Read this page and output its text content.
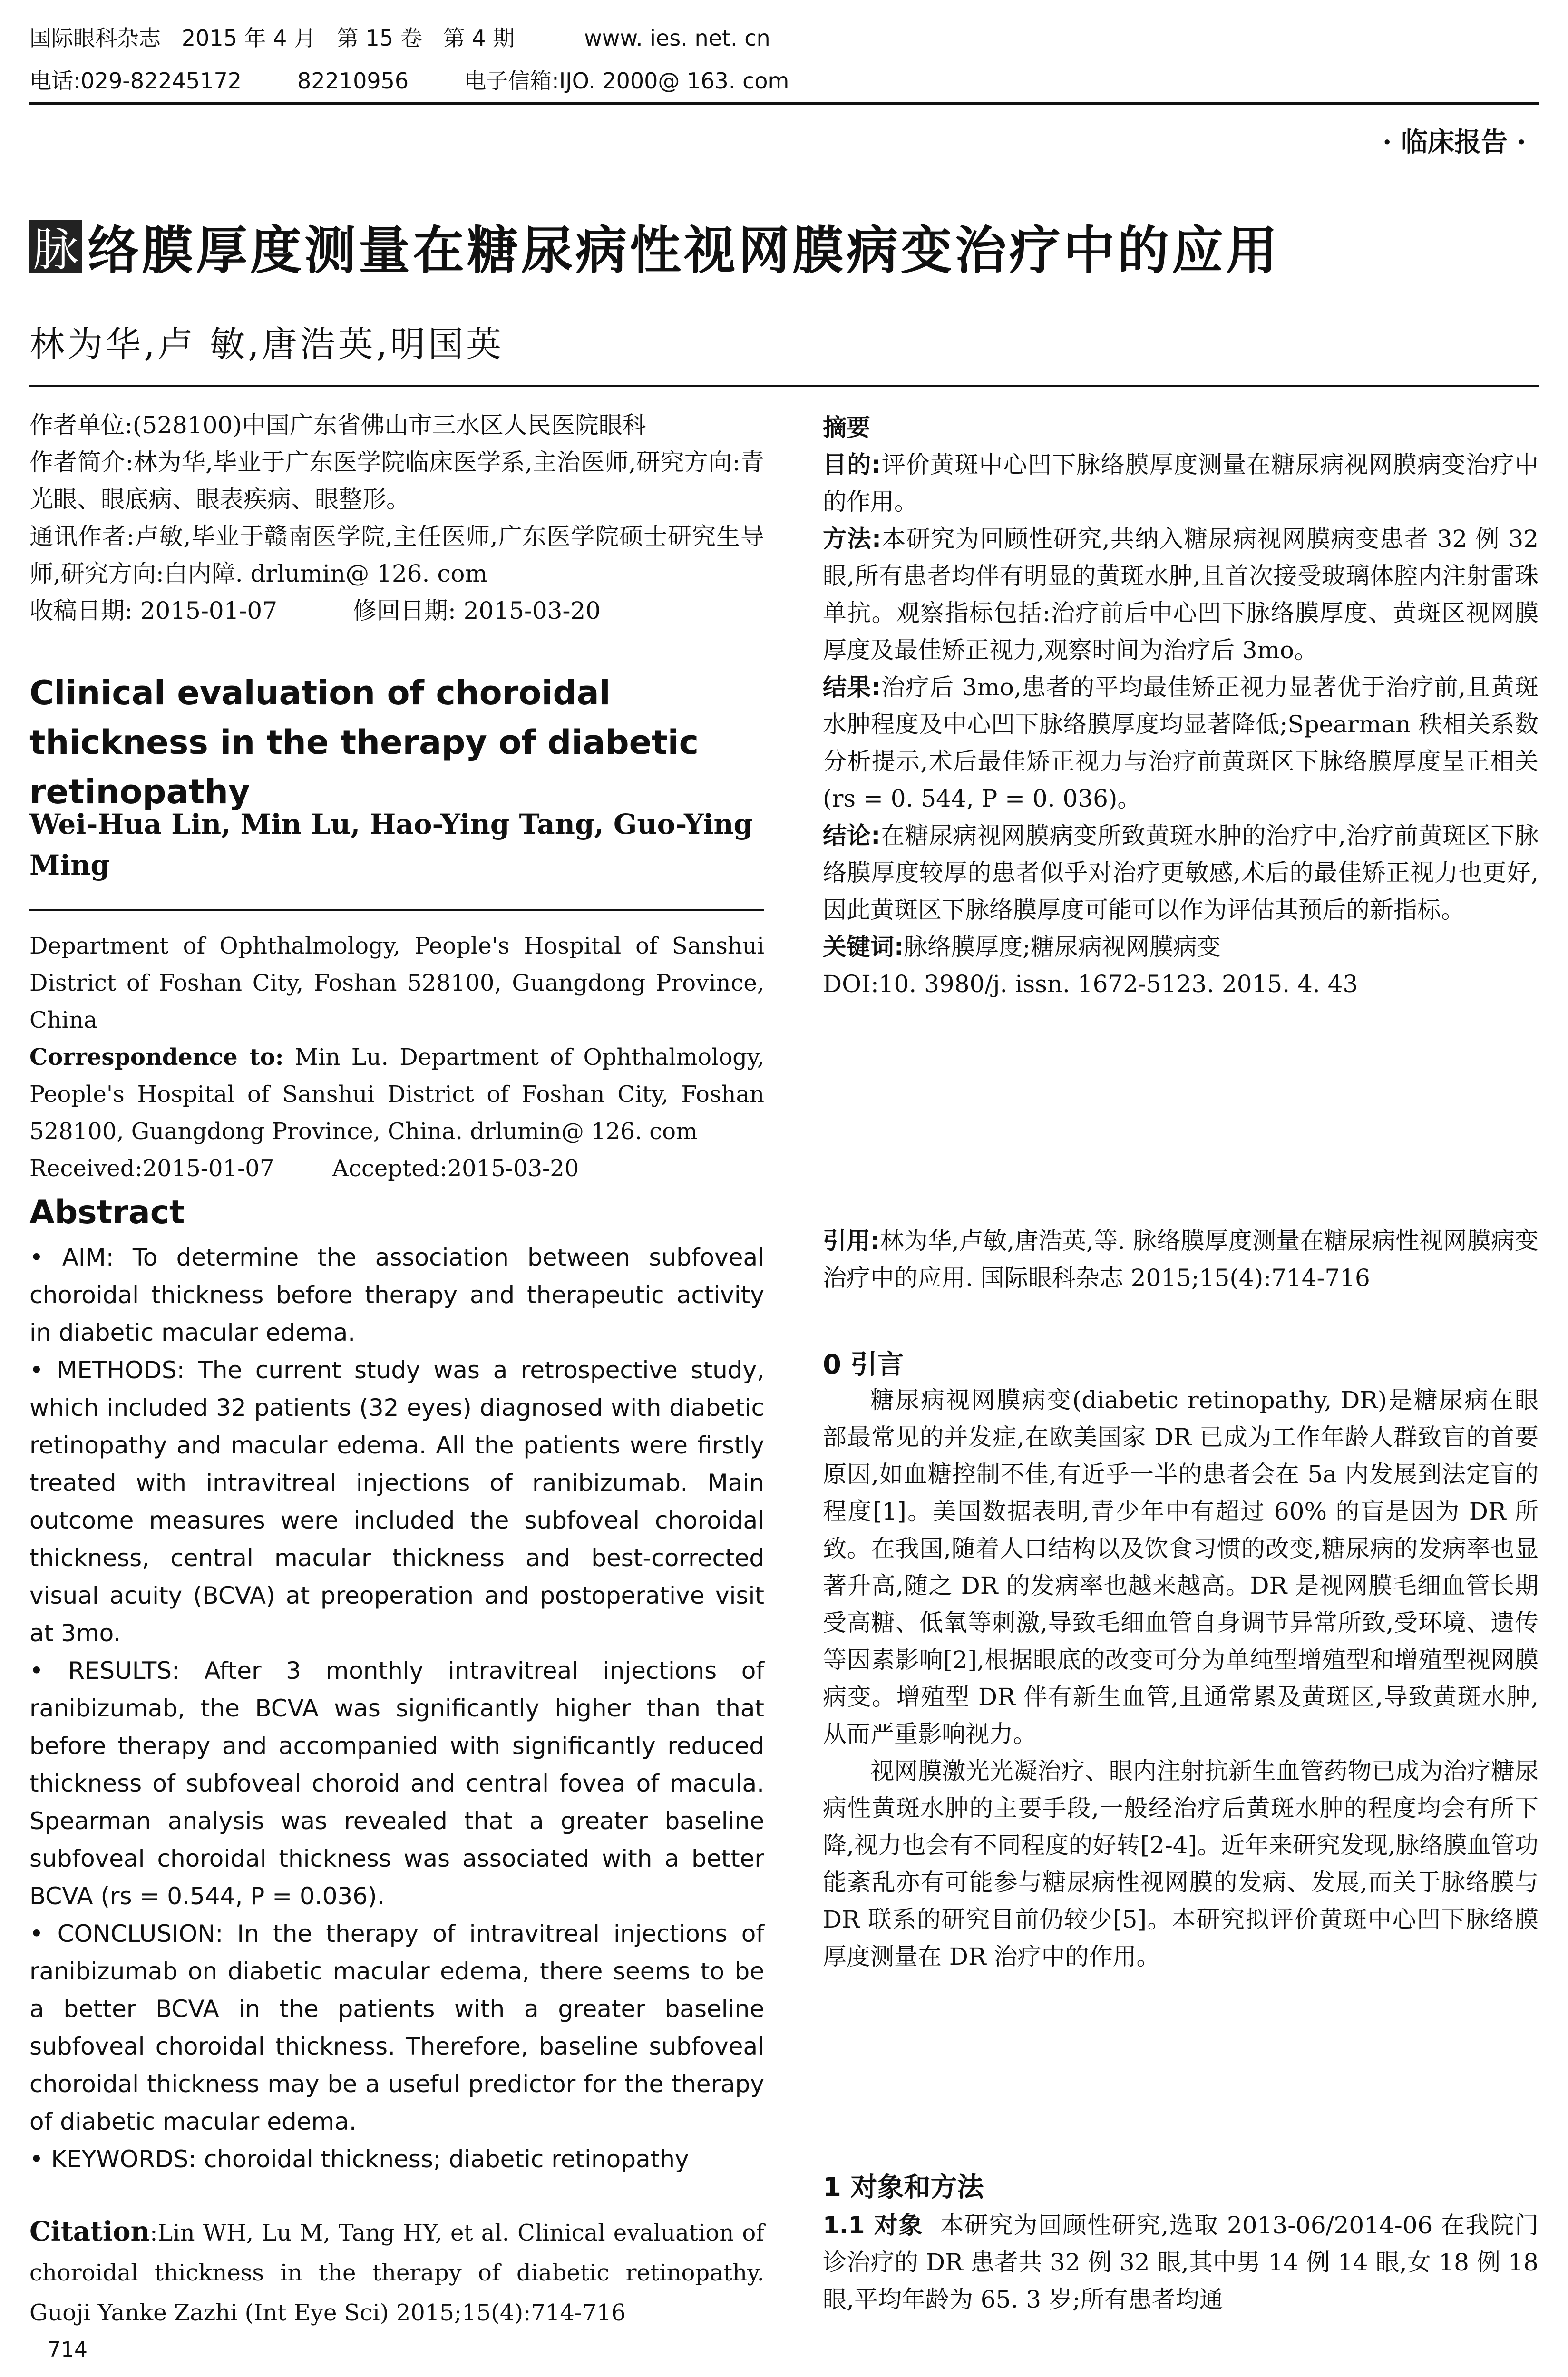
国际眼科杂志   2015 年 4 月   第 15 卷   第 4 期          www. ies. net. cn
电话:029-82245172        82210956        电子信箱:IJO. 2000@ 163. com
· 临床报告 ·
脉 络膜厚度测量在糖尿病性视网膜病变治疗中的应用
林为华,卢 敏,唐浩英,明国英

作者单位:(528100)中国广东省佛山市三水区人民医院眼科

作者简介:林为华,毕业于广东医学院临床医学系,主治医师,研究方向:青光眼、眼底病、眼表疾病、眼整形。

通讯作者:卢敏,毕业于赣南医学院,主任医师,广东医学院硕士研究生导师,研究方向:白内障. drlumin@ 126. com

收稿日期: 2015-01-07          修回日期: 2015-03-20

Clinical evaluation of choroidal thickness in the therapy of diabetic retinopathy
Wei-Hua Lin, Min Lu, Hao-Ying Tang, Guo-Ying Ming
Department of Ophthalmology, People's Hospital of Sanshui District of Foshan City, Foshan 528100, Guangdong Province, China
Correspondence to: Min Lu. Department of Ophthalmology, People's Hospital of Sanshui District of Foshan City, Foshan 528100, Guangdong Province, China. drlumin@ 126. com
Received:2015-01-07        Accepted:2015-03-20
Abstract

• AIM: To determine the association between subfoveal choroidal thickness before therapy and therapeutic activity in diabetic macular edema.

• METHODS: The current study was a retrospective study, which included 32 patients (32 eyes) diagnosed with diabetic retinopathy and macular edema. All the patients were firstly treated with intravitreal injections of ranibizumab. Main outcome measures were included the subfoveal choroidal thickness, central macular thickness and best-corrected visual acuity (BCVA) at preoperation and postoperative visit at 3mo.

• RESULTS: After 3 monthly intravitreal injections of ranibizumab, the BCVA was significantly higher than that before therapy and accompanied with significantly reduced thickness of subfoveal choroid and central fovea of macula. Spearman analysis was revealed that a greater baseline subfoveal choroidal thickness was associated with a better BCVA (rs = 0.544, P = 0.036).

• CONCLUSION: In the therapy of intravitreal injections of ranibizumab on diabetic macular edema, there seems to be a better BCVA in the patients with a greater baseline subfoveal choroidal thickness. Therefore, baseline subfoveal choroidal thickness may be a useful predictor for the therapy of diabetic macular edema.

• KEYWORDS: choroidal thickness; diabetic retinopathy

Citation:Lin WH, Lu M, Tang HY, et al. Clinical evaluation of choroidal thickness in the therapy of diabetic retinopathy. Guoji Yanke Zazhi (Int Eye Sci) 2015;15(4):714-716
714

摘要

目的:评价黄斑中心凹下脉络膜厚度测量在糖尿病视网膜病变治疗中的作用。

方法:本研究为回顾性研究,共纳入糖尿病视网膜病变患者 32 例 32 眼,所有患者均伴有明显的黄斑水肿,且首次接受玻璃体腔内注射雷珠单抗。观察指标包括:治疗前后中心凹下脉络膜厚度、黄斑区视网膜厚度及最佳矫正视力,观察时间为治疗后 3mo。

结果:治疗后 3mo,患者的平均最佳矫正视力显著优于治疗前,且黄斑水肿程度及中心凹下脉络膜厚度均显著降低;Spearman 秩相关系数分析提示,术后最佳矫正视力与治疗前黄斑区下脉络膜厚度呈正相关(rs = 0. 544, P = 0. 036)。

结论:在糖尿病视网膜病变所致黄斑水肿的治疗中,治疗前黄斑区下脉络膜厚度较厚的患者似乎对治疗更敏感,术后的最佳矫正视力也更好,因此黄斑区下脉络膜厚度可能可以作为评估其预后的新指标。

关键词:脉络膜厚度;糖尿病视网膜病变

DOI:10. 3980/j. issn. 1672-5123. 2015. 4. 43

引用:林为华,卢敏,唐浩英,等. 脉络膜厚度测量在糖尿病性视网膜病变治疗中的应用. 国际眼科杂志 2015;15(4):714-716
0 引言

糖尿病视网膜病变(diabetic retinopathy, DR)是糖尿病在眼部最常见的并发症,在欧美国家 DR 已成为工作年龄人群致盲的首要原因,如血糖控制不佳,有近乎一半的患者会在 5a 内发展到法定盲的程度[1]。美国数据表明,青少年中有超过 60% 的盲是因为 DR 所致。在我国,随着人口结构以及饮食习惯的改变,糖尿病的发病率也显著升高,随之 DR 的发病率也越来越高。DR 是视网膜毛细血管长期受高糖、低氧等刺激,导致毛细血管自身调节异常所致,受环境、遗传等因素影响[2],根据眼底的改变可分为单纯型增殖型和增殖型视网膜病变。增殖型 DR 伴有新生血管,且通常累及黄斑区,导致黄斑水肿,从而严重影响视力。

视网膜激光光凝治疗、眼内注射抗新生血管药物已成为治疗糖尿病性黄斑水肿的主要手段,一般经治疗后黄斑水肿的程度均会有所下降,视力也会有不同程度的好转[2-4]。近年来研究发现,脉络膜血管功能紊乱亦有可能参与糖尿病性视网膜的发病、发展,而关于脉络膜与 DR 联系的研究目前仍较少[5]。本研究拟评价黄斑中心凹下脉络膜厚度测量在 DR 治疗中的作用。

1 对象和方法
1.1 对象 本研究为回顾性研究,选取 2013-06/2014-06 在我院门诊治疗的 DR 患者共 32 例 32 眼,其中男 14 例 14 眼,女 18 例 18 眼,平均年龄为 65. 3 岁;所有患者均通
